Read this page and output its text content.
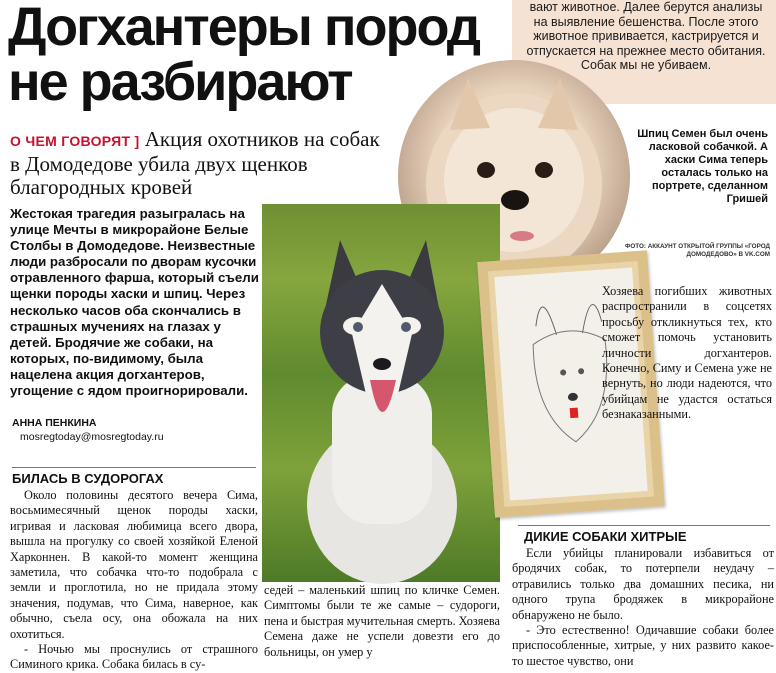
Догхантеры пород
не разбирают
О ЧЕМ ГОВОРЯТ ] Акция охотников на собак в Домодедове убила двух щенков благородных кровей
вают животное. Далее берутся анализы на выявление бешенства. После этого животное прививается, кастрируется и отпускается на прежнее место обитания. Собак мы не убиваем.
Шпиц Семен был очень ласковой собачкой. А хаски Сима теперь осталась только на портрете, сделанном Гришей
ФОТО: АККАУНТ ОТКРЫТОЙ ГРУППЫ «ГОРОД ДОМОДЕДОВО» В VK.COM
Жестокая трагедия разыгралась на улице Мечты в микрорайоне Белые Столбы в Домодедове. Неизвестные люди разбросали по дворам кусочки отравленного фарша, который съели щенки породы хаски и шпиц. Через несколько часов оба скончались в страшных мучениях на глазах у детей. Бродячие же собаки, на которых, по-видимому, была нацелена акция догхантеров, угощение с ядом проигнорировали.
АННА ПЕНКИНА
mosregtoday@mosregtoday.ru
БИЛАСЬ В СУДОРОГАХ

Около половины десятого вечера Сима, восьмимесячный щенок породы хаски, игривая и ласковая любимица всего двора, вышла на прогулку со своей хозяйкой Еленой Харконнен. В какой-то момент женщина заметила, что собачка что-то подобрала с земли и проглотила, но не придала этому значения, подумав, что Сима, наверное, как обычно, съела осу, она обожала на них охотиться.

- Ночью мы проснулись от страшного Симиного крика. Собака билась в су-

седей – маленький шпиц по кличке Семен. Симптомы были те же самые – судороги, пена и быстрая мучительная смерть. Хозяева Семена даже не успели довезти его до больницы, он умер у
Хозяева погибших животных распространили в соцсетях просьбу откликнуться тех, кто сможет помочь установить личности догхантеров. Конечно, Симу и Семена уже не вернуть, но люди надеются, что убийцам не удастся остаться безнаказанными.
ДИКИЕ СОБАКИ ХИТРЫЕ

Если убийцы планировали избавиться от бродячих собак, то потерпели неудачу – отравились только два домашних песика, ни одного трупа бродяжек в микрорайоне обнаружено не было.

- Это естественно! Одичавшие собаки более приспособленные, хитрые, у них развито какое-то шестое чувство, они
